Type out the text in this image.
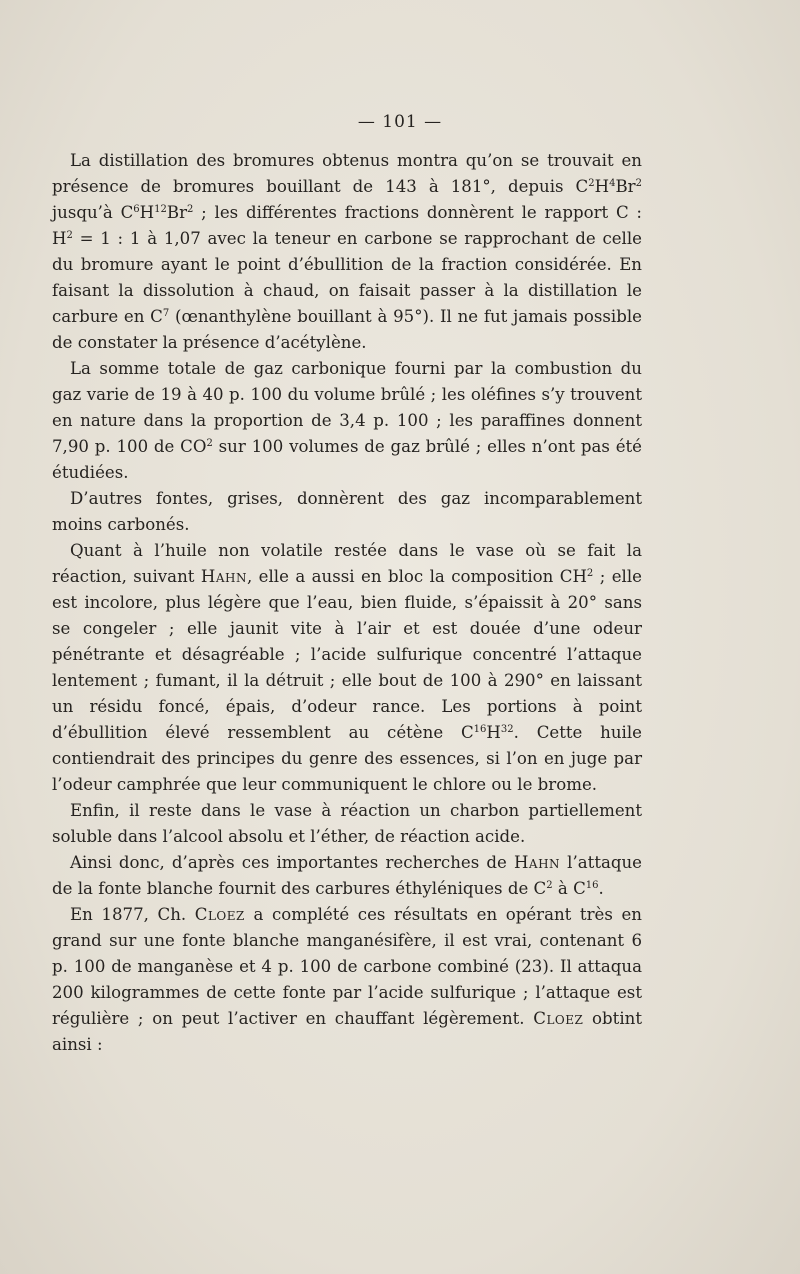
— 101 —

La distillation des bromures obtenus montra qu’on se trouvait en présence de bromures bouillant de 143 à 181°, depuis $C^2H^4Br^2$ jusqu’à $C^6H^{12}Br^2$ ; les différentes fractions donnèrent le rapport C : $H^2 = 1$ : 1 à 1,07 avec la teneur en carbone se rapprochant de celle du bromure ayant le point d’ébullition de la fraction considérée. En faisant la dissolution à chaud, on faisait passer à la distillation le carbure en $C^7$ (œnanthylène bouillant à 95°). Il ne fut jamais possible de constater la présence d’acétylène.

La somme totale de gaz carbonique fourni par la combustion du gaz varie de 19 à 40 p. 100 du volume brûlé ; les oléfines s’y trouvent en nature dans la proportion de 3,4 p. 100 ; les paraffines donnent 7,90 p. 100 de $CO^2$ sur 100 volumes de gaz brûlé ; elles n’ont pas été étudiées.

D’autres fontes, grises, donnèrent des gaz incomparablement moins carbonés.

Quant à l’huile non volatile restée dans le vase où se fait la réaction, suivant Hahn, elle a aussi en bloc la composition $CH^2$ ; elle est incolore, plus légère que l’eau, bien fluide, s’épaissit à 20° sans se congeler ; elle jaunit vite à l’air et est douée d’une odeur pénétrante et désagréable ; l’acide sulfurique concentré l’attaque lentement ; fumant, il la détruit ; elle bout de 100 à 290° en laissant un résidu foncé, épais, d’odeur rance. Les portions à point d’ébullition élevé ressemblent au cétène $C^{16}H^{32}$. Cette huile contiendrait des principes du genre des essences, si l’on en juge par l’odeur camphrée que leur communiquent le chlore ou le brome.

Enfin, il reste dans le vase à réaction un charbon partiellement soluble dans l’alcool absolu et l’éther, de réaction acide.

Ainsi donc, d’après ces importantes recherches de Hahn l’attaque de la fonte blanche fournit des carbures éthyléniques de $C^2$ à $C^{16}$.

En 1877, Ch. Cloez a complété ces résultats en opérant très en grand sur une fonte blanche manganésifère, il est vrai, contenant 6 p. 100 de manganèse et 4 p. 100 de carbone combiné (23). Il attaqua 200 kilogrammes de cette fonte par l’acide sulfurique ; l’attaque est régulière ; on peut l’activer en chauffant légèrement. Cloez obtint ainsi :
